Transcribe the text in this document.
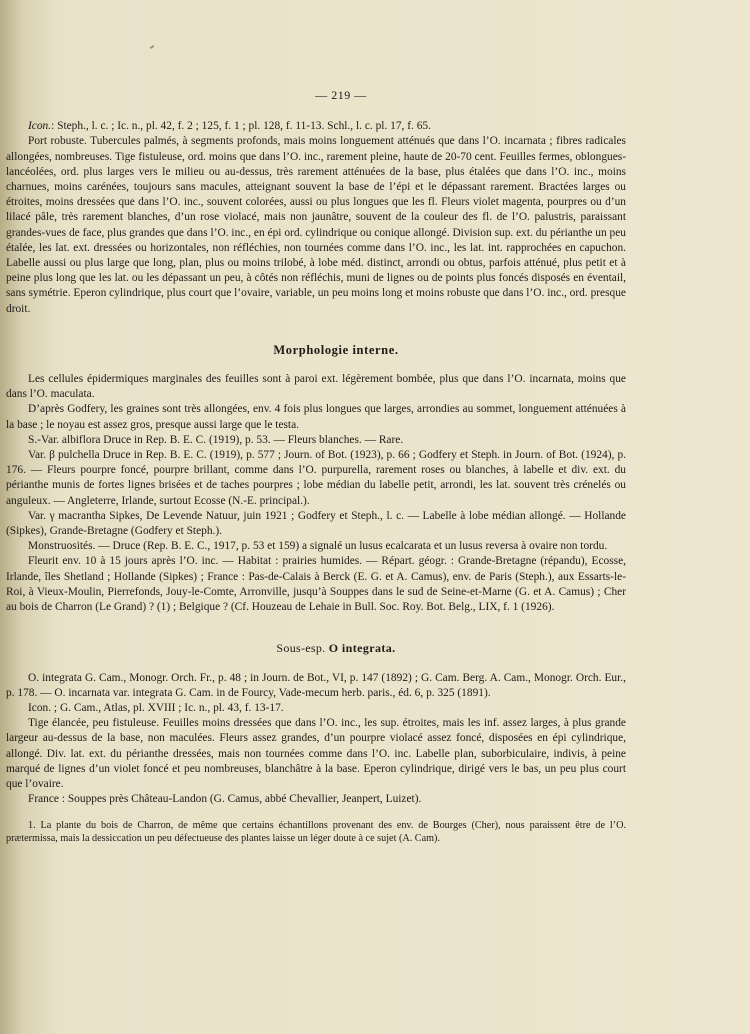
— 219 —

Icon.: Steph., l. c. ; Ic. n., pl. 42, f. 2 ; 125, f. 1 ; pl. 128, f. 11-13. Schl., l. c. pl. 17, f. 65.

Port robuste. Tubercules palmés, à segments profonds, mais moins longuement atténués que dans l’O. incarnata ; fibres radicales allongées, nombreuses. Tige fistuleuse, ord. moins que dans l’O. inc., rarement pleine, haute de 20-70 cent. Feuilles fermes, oblongues-lancéolées, ord. plus larges vers le milieu ou au-dessus, très rarement atténuées de la base, plus étalées que dans l’O. inc., moins charnues, moins carénées, toujours sans macules, atteignant souvent la base de l’épi et le dépassant rarement. Bractées larges ou étroites, moins dressées que dans l’O. inc., souvent colorées, aussi ou plus longues que les fl. Fleurs violet magenta, pourpres ou d’un lilacé pâle, très rarement blanches, d’un rose violacé, mais non jaunâtre, souvent de la couleur des fl. de l’O. palustris, paraissant grandes-vues de face, plus grandes que dans l’O. inc., en épi ord. cylindrique ou conique allongé. Division sup. ext. du périanthe un peu étalée, les lat. ext. dressées ou horizontales, non réfléchies, non tournées comme dans l’O. inc., les lat. int. rapprochées en capuchon. Labelle aussi ou plus large que long, plan, plus ou moins trilobé, à lobe méd. distinct, arrondi ou obtus, parfois atténué, plus petit et à peine plus long que les lat. ou les dépassant un peu, à côtés non réfléchis, muni de lignes ou de points plus foncés disposés en éventail, sans symétrie. Eperon cylindrique, plus court que l’ovaire, variable, un peu moins long et moins robuste que dans l’O. inc., ord. presque droit.

Morphologie interne.

Les cellules épidermiques marginales des feuilles sont à paroi ext. légèrement bombée, plus que dans l’O. incarnata, moins que dans l’O. maculata.

D’après Godfery, les graines sont très allongées, env. 4 fois plus longues que larges, arrondies au sommet, longuement atténuées à la base ; le noyau est assez gros, presque aussi large que le testa.

S.-Var. albiflora Druce in Rep. B. E. C. (1919), p. 53. — Fleurs blanches. — Rare.

Var. β pulchella Druce in Rep. B. E. C. (1919), p. 577 ; Journ. of Bot. (1923), p. 66 ; Godfery et Steph. in Journ. of Bot. (1924), p. 176. — Fleurs pourpre foncé, pourpre brillant, comme dans l’O. purpurella, rarement roses ou blanches, à labelle et div. ext. du périanthe munis de fortes lignes brisées et de taches pourpres ; lobe médian du labelle petit, arrondi, les lat. souvent très crénelés ou anguleux. — Angleterre, Irlande, surtout Ecosse (N.-E. principal.).

Var. γ macrantha Sipkes, De Levende Natuur, juin 1921 ; Godfery et Steph., l. c. — Labelle à lobe médian allongé. — Hollande (Sipkes), Grande-Bretagne (Godfery et Steph.).

Monstruosités. — Druce (Rep. B. E. C., 1917, p. 53 et 159) a signalé un lusus ecalcarata et un lusus reversa à ovaire non tordu.

Fleurit env. 10 à 15 jours après l’O. inc. — Habitat : prairies humides. — Répart. géogr. : Grande-Bretagne (répandu), Ecosse, Irlande, îles Shetland ; Hollande (Sipkes) ; France : Pas-de-Calais à Berck (E. G. et A. Camus), env. de Paris (Steph.), aux Essarts-le-Roi, à Vieux-Moulin, Pierrefonds, Jouy-le-Comte, Arronville, jusqu’à Souppes dans le sud de Seine-et-Marne (G. et A. Camus) ; Cher au bois de Charron (Le Grand) ? (1) ; Belgique ? (Cf. Houzeau de Lehaie in Bull. Soc. Roy. Bot. Belg., LIX, f. 1 (1926).

Sous-esp. O integrata.

O. integrata G. Cam., Monogr. Orch. Fr., p. 48 ; in Journ. de Bot., VI, p. 147 (1892) ; G. Cam. Berg. A. Cam., Monogr. Orch. Eur., p. 178. — O. incarnata var. integrata G. Cam. in de Fourcy, Vade-mecum herb. paris., éd. 6, p. 325 (1891).

Icon. ; G. Cam., Atlas, pl. XVIII ; Ic. n., pl. 43, f. 13-17.

Tige élancée, peu fistuleuse. Feuilles moins dressées que dans l’O. inc., les sup. étroites, mais les inf. assez larges, à plus grande largeur au-dessus de la base, non maculées. Fleurs assez grandes, d’un pourpre violacé assez foncé, disposées en épi cylindrique, allongé. Div. lat. ext. du périanthe dressées, mais non tournées comme dans l’O. inc. Labelle plan, suborbiculaire, indivis, à peine marqué de lignes d’un violet foncé et peu nombreuses, blanchâtre à la base. Eperon cylindrique, dirigé vers le bas, un peu plus court que l’ovaire.

France : Souppes près Château-Landon (G. Camus, abbé Chevallier, Jeanpert, Luizet).

1. La plante du bois de Charron, de même que certains échantillons provenant des env. de Bourges (Cher), nous paraissent être de l’O. prætermissa, mais la dessiccation un peu défectueuse des plantes laisse un léger doute à ce sujet (A. Cam).
